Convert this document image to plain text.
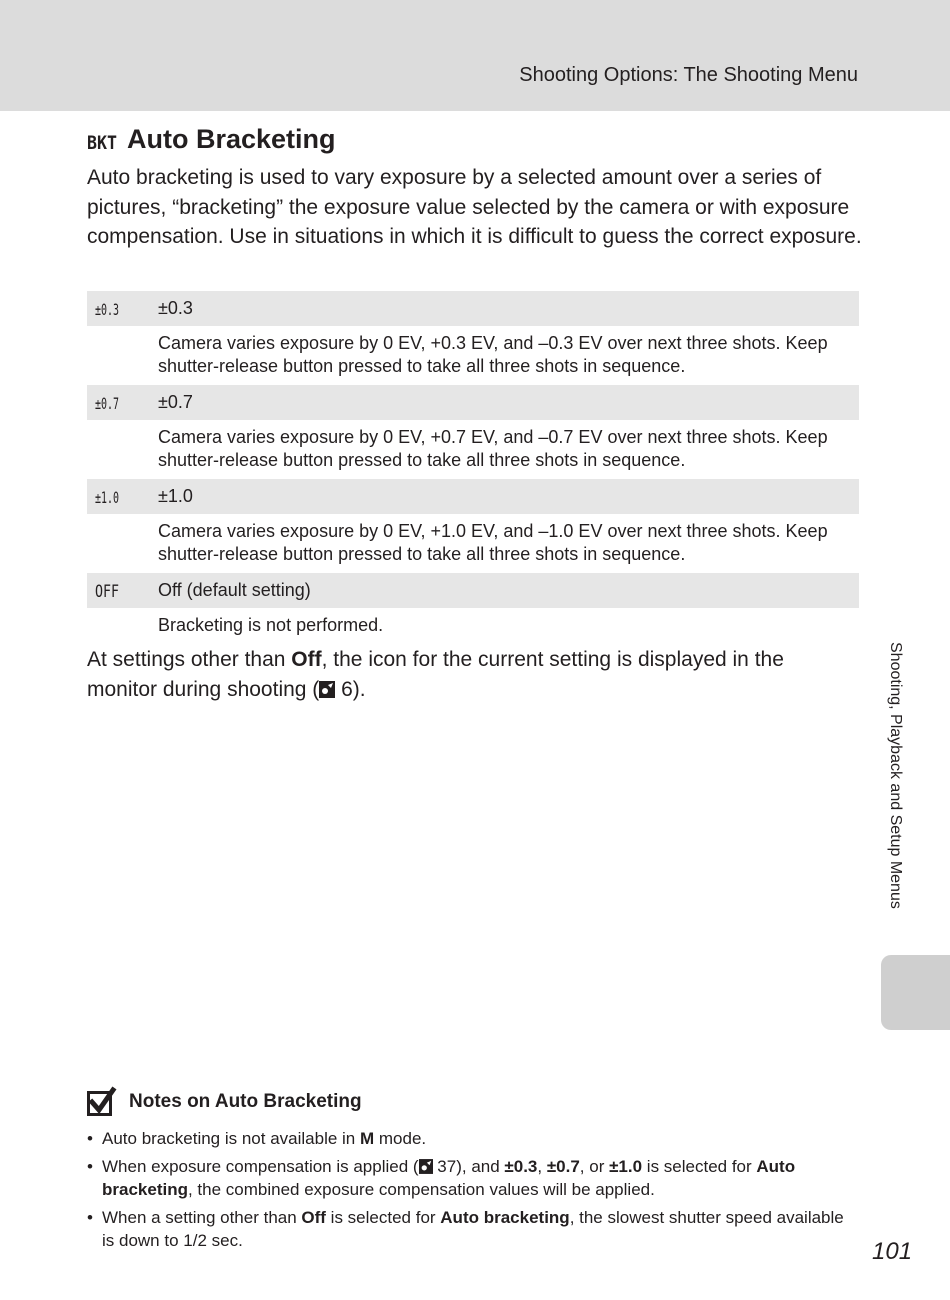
Shooting Options: The Shooting Menu
Shooting, Playback and Setup Menus
BKT Auto Bracketing
Auto bracketing is used to vary exposure by a selected amount over a series of pictures, “bracketing” the exposure value selected by the camera or with exposure compensation. Use in situations in which it is difficult to guess the correct exposure.
±0.3 ±0.3
Camera varies exposure by 0 EV, +0.3 EV, and –0.3 EV over next three shots. Keep shutter-release button pressed to take all three shots in sequence.
±0.7 ±0.7
Camera varies exposure by 0 EV, +0.7 EV, and –0.7 EV over next three shots. Keep shutter-release button pressed to take all three shots in sequence.
±1.0 ±1.0
Camera varies exposure by 0 EV, +1.0 EV, and –1.0 EV over next three shots. Keep shutter-release button pressed to take all three shots in sequence.
OFF Off (default setting)
Bracketing is not performed.
At settings other than Off, the icon for the current setting is displayed in the monitor during shooting ( 6).
Notes on Auto Bracketing
• Auto bracketing is not available in M mode.
• When exposure compensation is applied ( 37), and ±0.3, ±0.7, or ±1.0 is selected for Auto bracketing, the combined exposure compensation values will be applied.
• When a setting other than Off is selected for Auto bracketing, the slowest shutter speed available is down to 1/2 sec.	101
